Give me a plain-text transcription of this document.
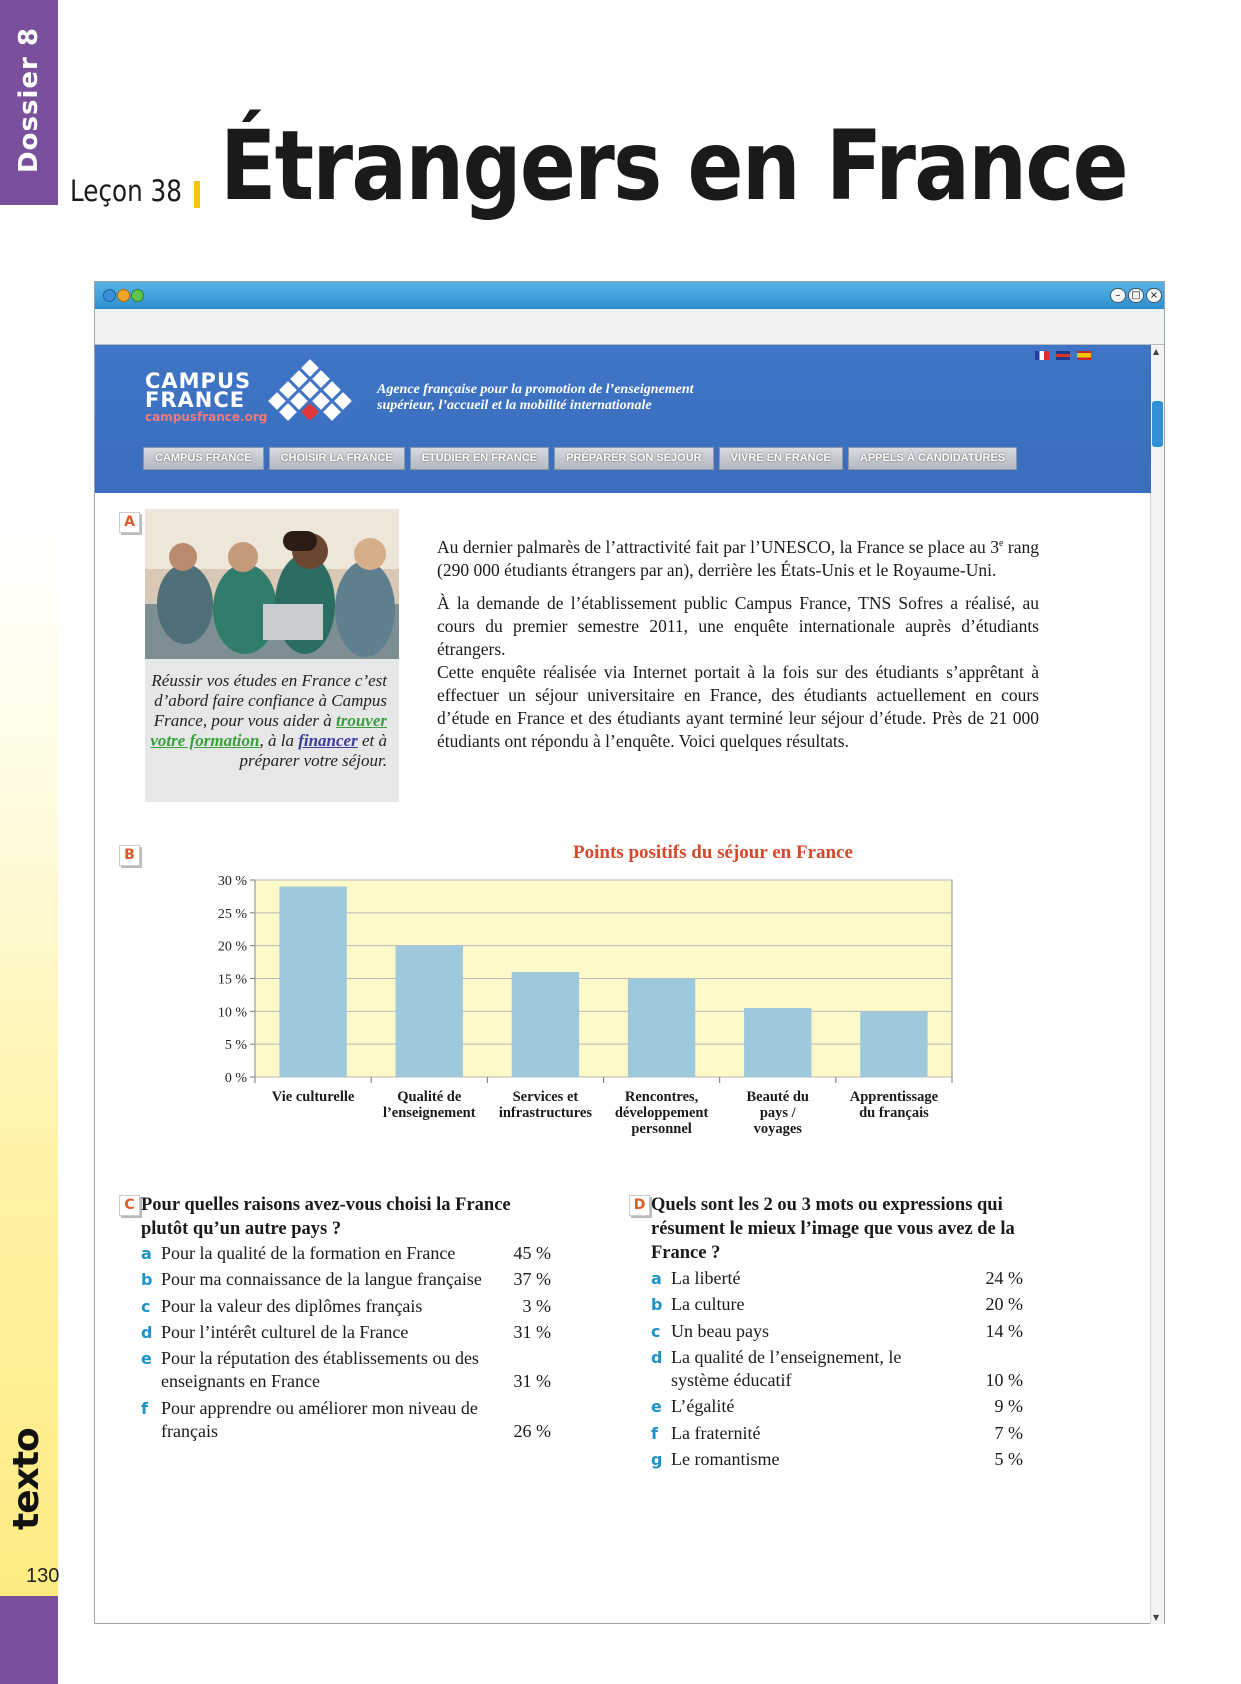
Dossier 8
texto
130
Leçon 38 Étrangers en France
–	□ ×
▲
▼
CAMPUS
FRANCE
campusfrance.org
Agence française pour la promotion de l’enseignement
supérieur, l’accueil et la mobilité internationale

CAMPUS FRANCE	CHOISIR LA FRANCE	ETUDIER EN FRANCE	PRÉPARER SON SÉJOUR	VIVRE EN FRANCE	APPELS À CANDIDATURES
A

Réussir vos études en France c’est d’abord faire confiance à Campus France, pour vous aider à trouver votre formation, à la financer et à préparer votre séjour.

Au dernier palmarès de l’attractivité fait par l’UNESCO, la France se place au 3e rang (290 000 étudiants étrangers par an), derrière les États-Unis et le Royaume-Uni.

À la demande de l’établissement public Campus France, TNS Sofres a réalisé, au cours du premier semestre 2011, une enquête internationale auprès d’étudiants étrangers.

Cette enquête réalisée via Internet portait à la fois sur des étudiants s’apprêtant à effectuer un séjour universitaire en France, des étudiants actuellement en cours d’étude en France et des étudiants ayant terminé leur séjour d’étude. Près de 21 000 étudiants ont répondu à l’enquête. Voici quelques résultats.

B	Points positifs du séjour en France
0 %
5 %
10 %
15 %
20 %
25 %
30 %
Vie culturelle	Qualité de
l’enseignement
Services et
infrastructures
Rencontres,
développement
personnel
Beauté du
pays /
voyages
Apprentissage
du français
C Pour quelles raisons avez-vous choisi la France plutôt qu’un autre pays ?
a Pour la qualité de la formation en France	45 %
b Pour ma connaissance de la langue française 37 %
c Pour la valeur des diplômes français	3 %
d Pour l’intérêt culturel de la France	31 %
e Pour la réputation des établissements ou des enseignants en France	31 %
f Pour apprendre ou améliorer mon niveau de français	26 %
D Quels sont les 2 ou 3 mots ou expressions qui résument le mieux l’image que vous avez de la France ?
a La liberté	24 %
b La culture	20 %
c Un beau pays	14 %
d La qualité de l’enseignement, le système éducatif	10 %
e L’égalité	9 %
f La fraternité	7 %
g Le romantisme	5 %
